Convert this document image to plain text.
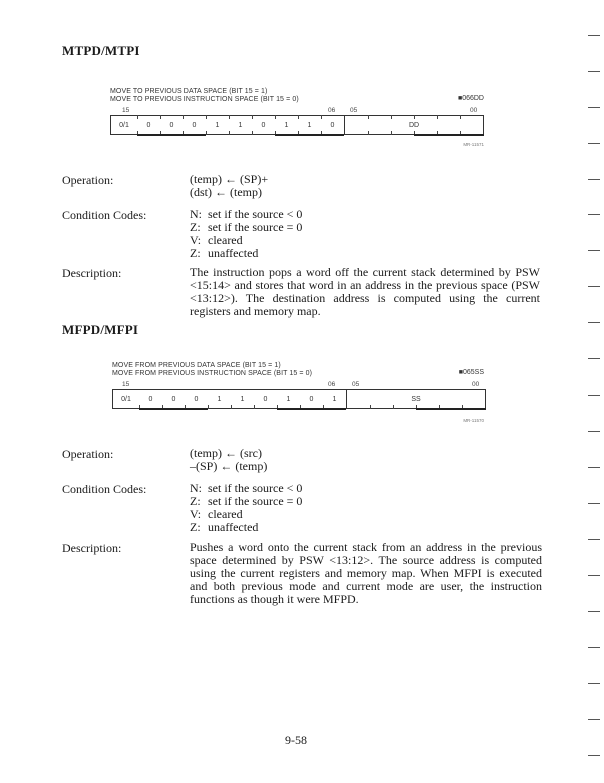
MTPD/MTPI
MOVE TO PREVIOUS DATA SPACE (BIT 15 = 1)
MOVE TO PREVIOUS INSTRUCTION SPACE (BIT 15 = 0)	■066DD
15	06 05	00
0/1	0	0	0	1	1	0	1	1	0	DD
MR-11571
Operation:	(temp) ← (SP)+
(dst) ← (temp)
Condition Codes:	N: set if the source < 0
Z: set if the source = 0
V: cleared
Z: unaffected
Description:	The instruction pops a word off the current stack determined by PSW <15:14> and stores that word in an address in the previous space (PSW <13:12>). The destination address is computed using the current registers and memory map.
MFPD/MFPI
MOVE FROM PREVIOUS DATA SPACE (BIT 15 = 1)
MOVE FROM PREVIOUS INSTRUCTION SPACE (BIT 15 = 0)	■065SS
15	06	05	00
0/1	0	0	0	1	1	0	1	0	1	SS
MR-11570
Operation:	(temp) ← (src)
–(SP) ← (temp)
Condition Codes:	N: set if the source < 0
Z: set if the source = 0
V: cleared
Z: unaffected
Description:	Pushes a word onto the current stack from an address in the previous space determined by PSW <13:12>. The source address is computed using the current registers and memory map. When MFPI is executed and both previous mode and current mode are user, the instruction functions as though it were MFPD.
9-58
